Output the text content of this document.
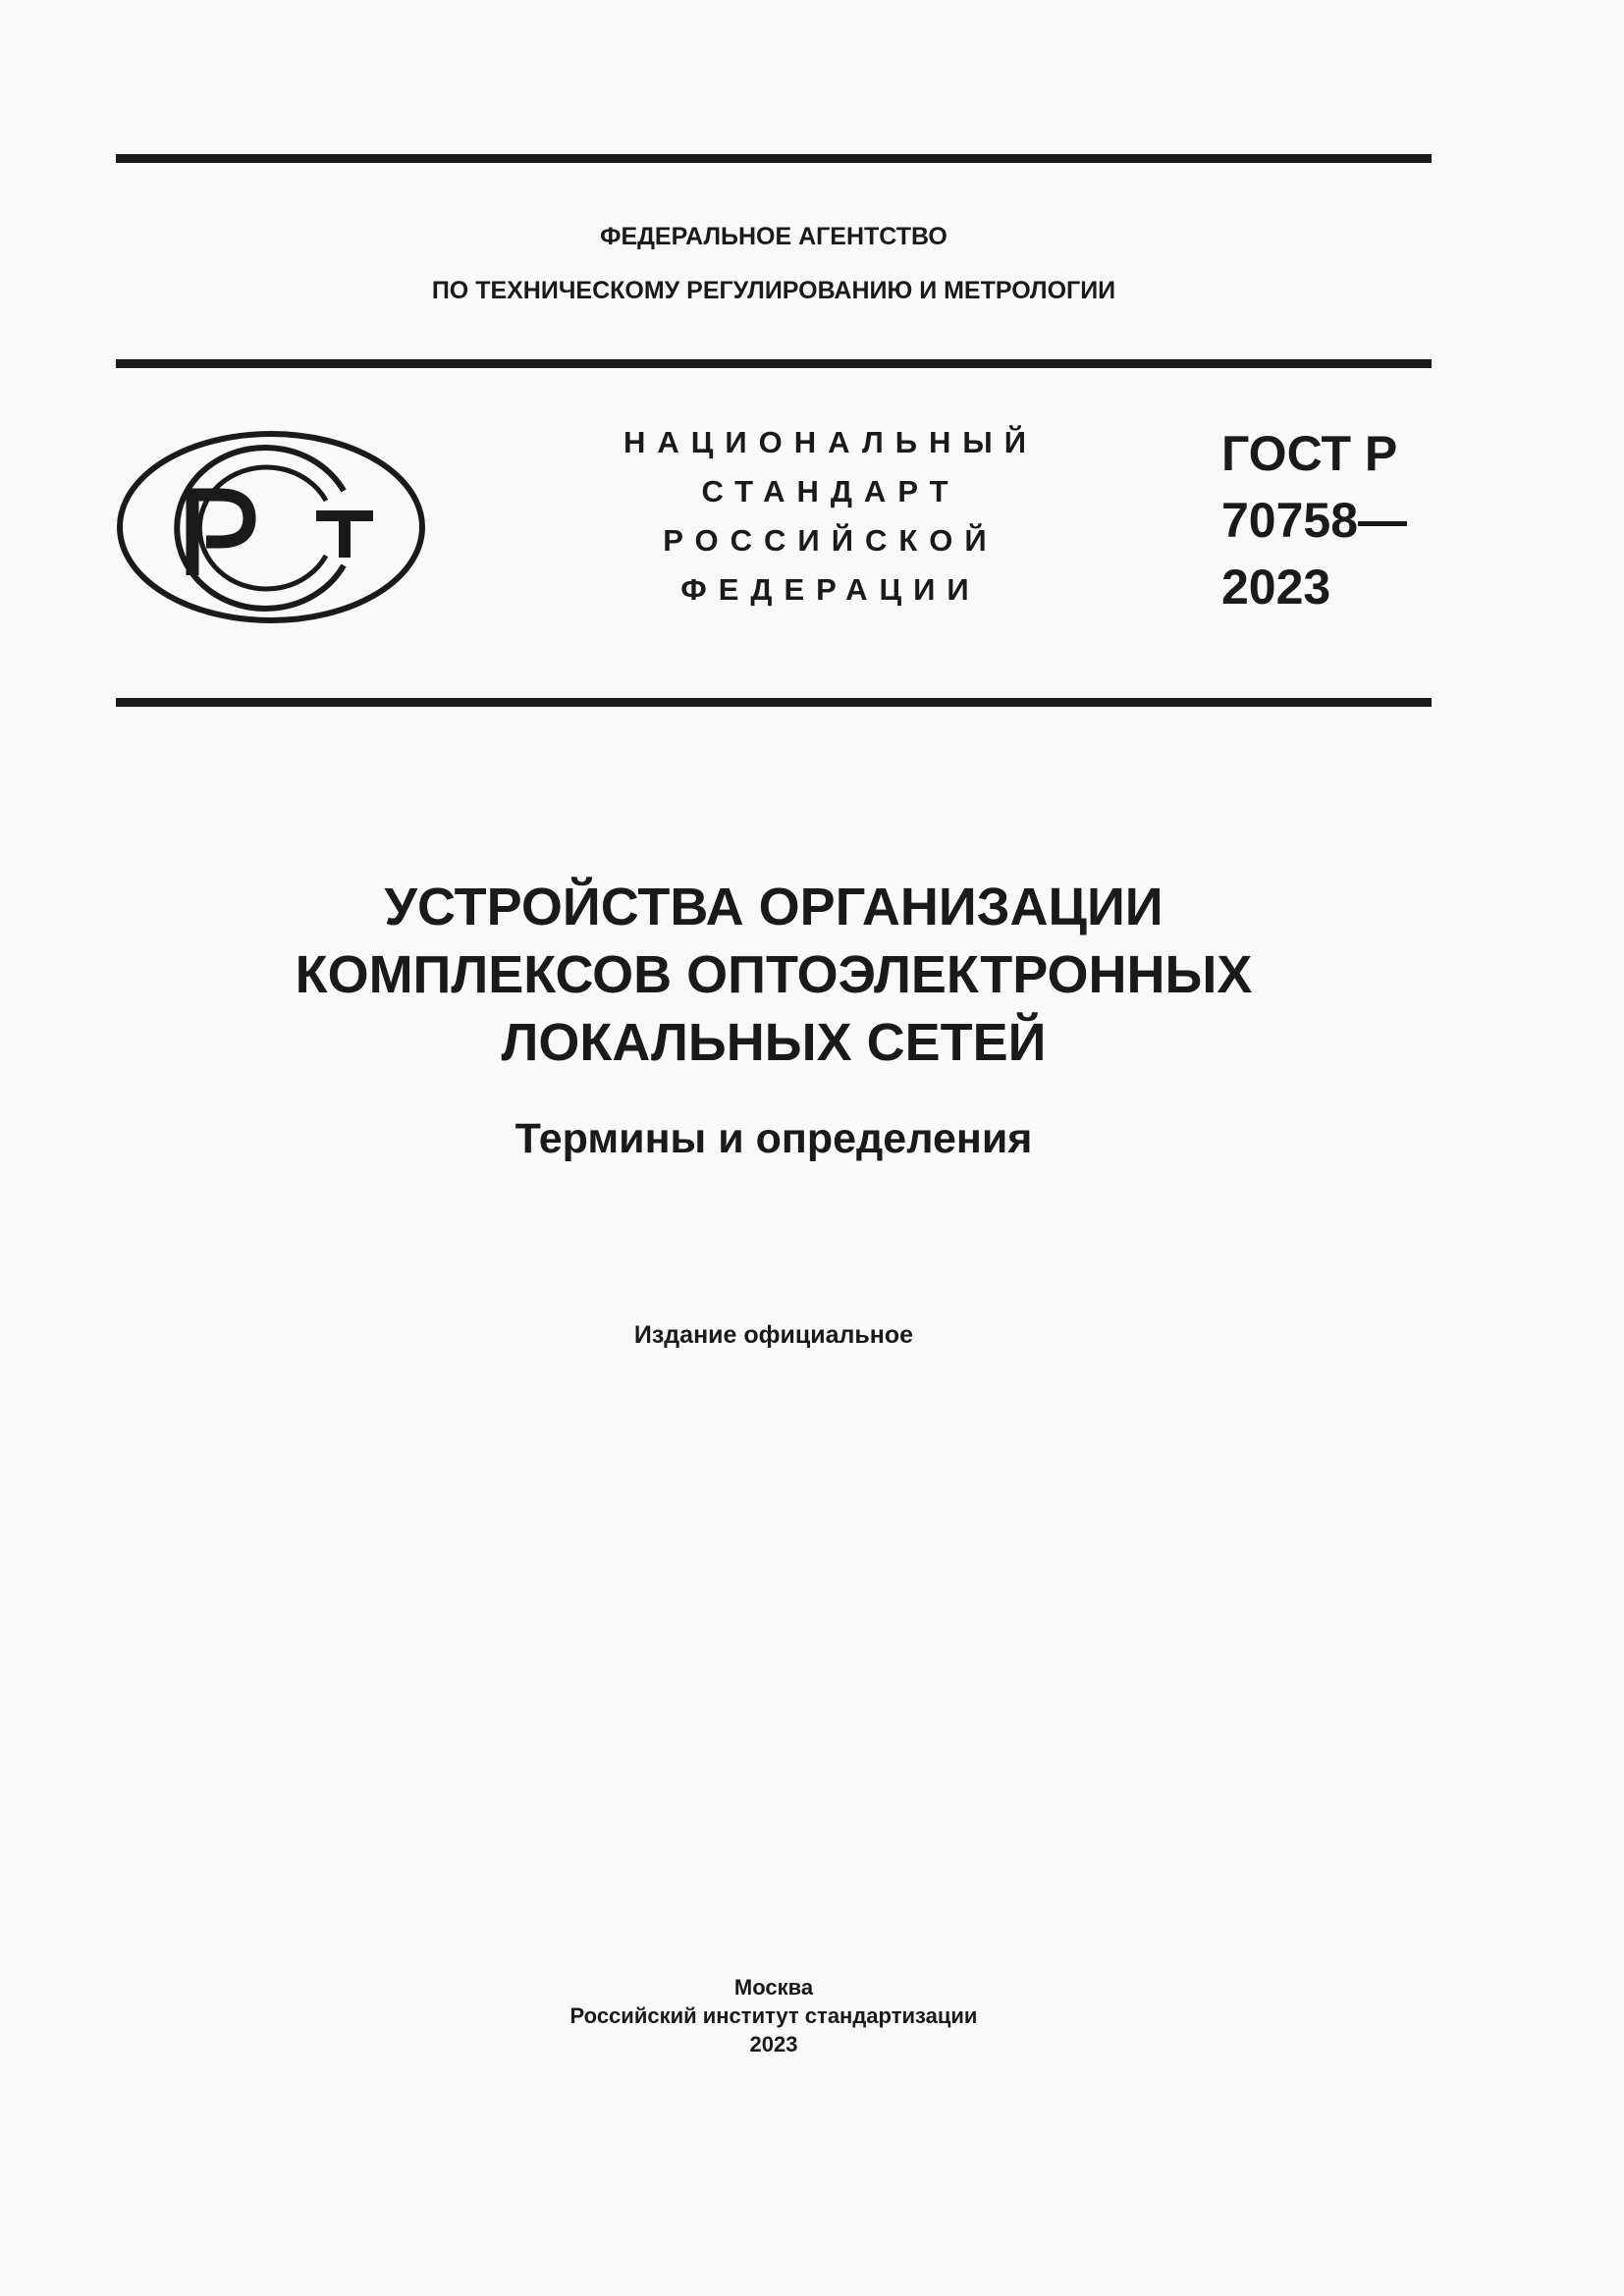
ФЕДЕРАЛЬНОЕ АГЕНТСТВО
ПО ТЕХНИЧЕСКОМУ РЕГУЛИРОВАНИЮ И МЕТРОЛОГИИ
НАЦИОНАЛЬНЫЙ
СТАНДАРТ
РОССИЙСКОЙ
ФЕДЕРАЦИИ
ГОСТ Р
70758—
2023
УСТРОЙСТВА ОРГАНИЗАЦИИ
КОМПЛЕКСОВ ОПТОЭЛЕКТРОННЫХ
ЛОКАЛЬНЫХ СЕТЕЙ
Термины и определения
Издание официальное
Москва
Российский институт стандартизации
2023
